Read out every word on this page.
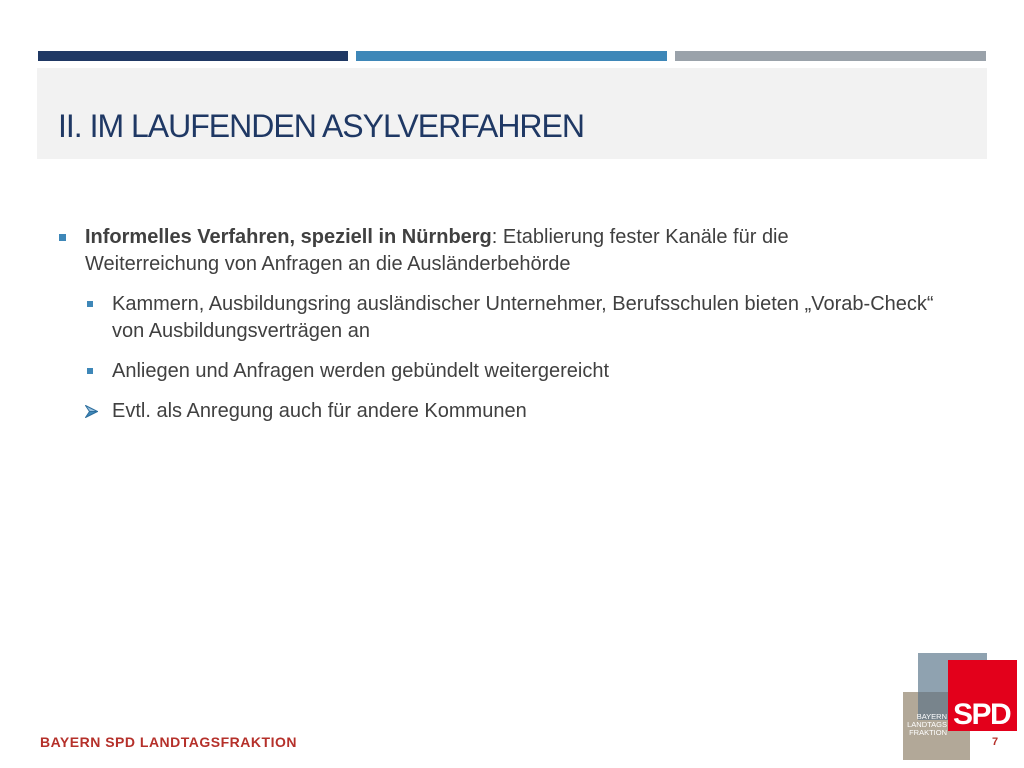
II. IM LAUFENDEN ASYLVERFAHREN
Informelles Verfahren, speziell in Nürnberg: Etablierung fester Kanäle für die Weiterreichung von Anfragen an die Ausländerbehörde
Kammern, Ausbildungsring ausländischer Unternehmer, Berufsschulen bieten „Vorab-Check“ von Ausbildungsverträgen an
Anliegen und Anfragen werden gebündelt weitergereicht
Evtl. als Anregung auch für andere Kommunen
BAYERN SPD LANDTAGSFRAKTION	7
BAYERN
LANDTAGS
FRAKTION
SPD
